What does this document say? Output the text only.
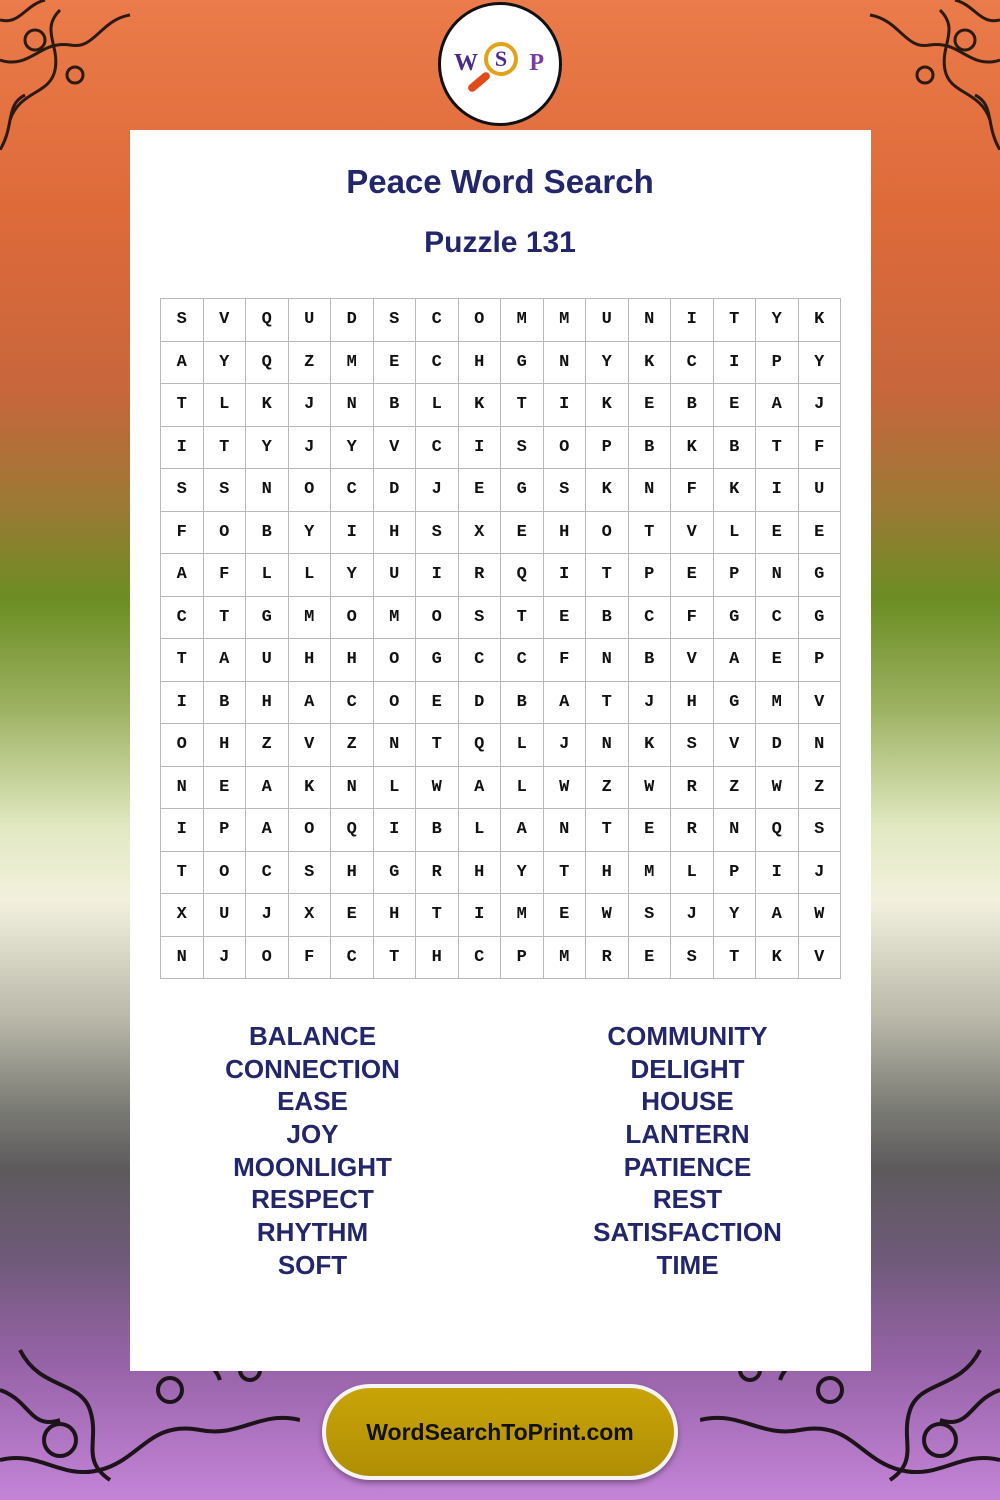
W S P
Peace Word Search
Puzzle 131
S	V	Q	U	D	S	C	O	M	M	U	N	I	T	Y	K
A	Y	Q	Z	M	E	C	H	G	N	Y	K	C	I	P	Y
T	L	K	J	N	B	L	K	T	I	K	E	B	E	A	J
I	T	Y	J	Y	V	C	I	S	O	P	B	K	B	T	F
S	S	N	O	C	D	J	E	G	S	K	N	F	K	I	U
F	O	B	Y	I	H	S	X	E	H	O	T	V	L	E	E
A	F	L	L	Y	U	I	R	Q	I	T	P	E	P	N	G
C	T	G	M	O	M	O	S	T	E	B	C	F	G	C	G
T	A	U	H	H	O	G	C	C	F	N	B	V	A	E	P
I	B	H	A	C	O	E	D	B	A	T	J	H	G	M	V
O	H	Z	V	Z	N	T	Q	L	J	N	K	S	V	D	N
N	E	A	K	N	L	W	A	L	W	Z	W	R	Z	W	Z
I	P	A	O	Q	I	B	L	A	N	T	E	R	N	Q	S
T	O	C	S	H	G	R	H	Y	T	H	M	L	P	I	J
X	U	J	X	E	H	T	I	M	E	W	S	J	Y	A	W
N	J	O	F	C	T	H	C	P	M	R	E	S	T	K	V
BALANCE
CONNECTION
EASE
JOY
MOONLIGHT
RESPECT
RHYTHM
SOFT
COMMUNITY
DELIGHT
HOUSE
LANTERN
PATIENCE
REST
SATISFACTION
TIME
WordSearchToPrint.com
